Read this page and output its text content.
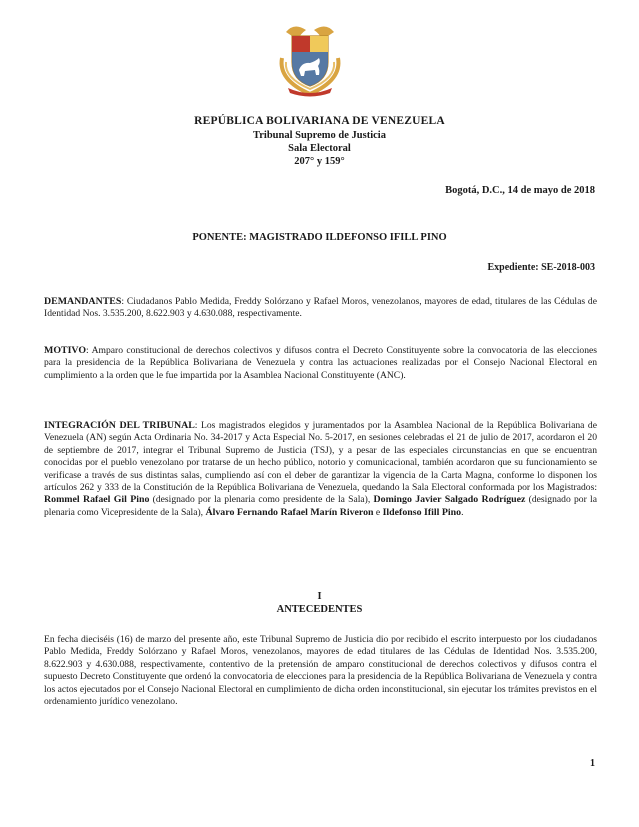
REPÚBLICA BOLIVARIANA DE VENEZUELA
Tribunal Supremo de Justicia
Sala Electoral
207° y 159°
Bogotá, D.C., 14 de mayo de 2018
PONENTE: MAGISTRADO ILDEFONSO IFILL PINO
Expediente: SE-2018-003
DEMANDANTES: Ciudadanos Pablo Medida, Freddy Solórzano y Rafael Moros, venezolanos, mayores de edad, titulares de las Cédulas de Identidad Nos. 3.535.200, 8.622.903 y 4.630.088, respectivamente.
MOTIVO: Amparo constitucional de derechos colectivos y difusos contra el Decreto Constituyente sobre la convocatoria de las elecciones para la presidencia de la República Bolivariana de Venezuela y contra las actuaciones realizadas por el Consejo Nacional Electoral en cumplimiento a la orden que le fue impartida por la Asamblea Nacional Constituyente (ANC).
INTEGRACIÓN DEL TRIBUNAL: Los magistrados elegidos y juramentados por la Asamblea Nacional de la República Bolivariana de Venezuela (AN) según Acta Ordinaria No. 34-2017 y Acta Especial No. 5-2017, en sesiones celebradas el 21 de julio de 2017, acordaron el 20 de septiembre de 2017, integrar el Tribunal Supremo de Justicia (TSJ), y a pesar de las especiales circunstancias en que se encuentran conocidas por el pueblo venezolano por tratarse de un hecho público, notorio y comunicacional, también acordaron que su funcionamiento se verificase a través de sus distintas salas, cumpliendo así con el deber de garantizar la vigencia de la Carta Magna, conforme lo disponen los artículos 262 y 333 de la Constitución de la República Bolivariana de Venezuela, quedando la Sala Electoral conformada por los Magistrados: Rommel Rafael Gil Pino (designado por la plenaria como presidente de la Sala), Domingo Javier Salgado Rodríguez (designado por la plenaria como Vicepresidente de la Sala), Álvaro Fernando Rafael Marín Riveron e Ildefonso Ifill Pino.
I
ANTECEDENTES
En fecha dieciséis (16) de marzo del presente año, este Tribunal Supremo de Justicia dio por recibido el escrito interpuesto por los ciudadanos Pablo Medida, Freddy Solórzano y Rafael Moros, venezolanos, mayores de edad titulares de las Cédulas de Identidad Nos. 3.535.200, 8.622.903 y 4.630.088, respectivamente, contentivo de la pretensión de amparo constitucional de derechos colectivos y difusos contra el supuesto Decreto Constituyente que ordenó la convocatoria de elecciones para la presidencia de la República Bolivariana de Venezuela y contra los actos ejecutados por el Consejo Nacional Electoral en cumplimiento de dicha orden inconstitucional, sin ejecutar los trámites previstos en el ordenamiento jurídico venezolano.
1
